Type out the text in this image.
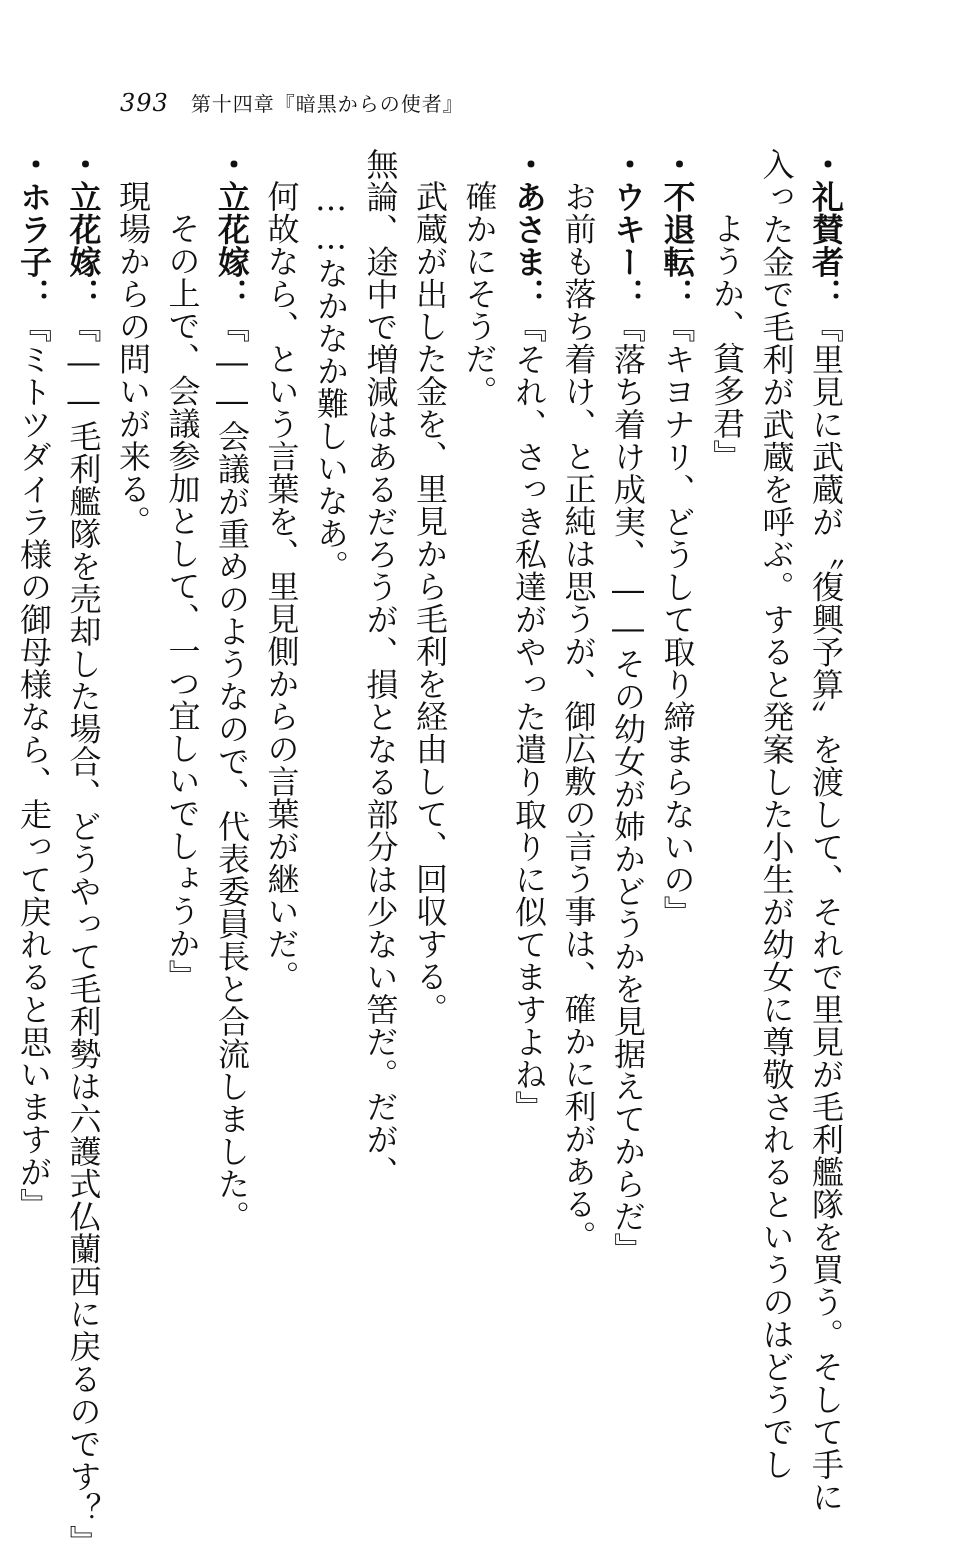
393 第十四章『暗黒からの使者』
・礼賛者：『里見に武蔵が〝復興予算〟を渡して、それで里見が毛利艦隊を買う。そして手に
入った金で毛利が武蔵を呼ぶ。すると発案した小生が幼女に尊敬されるというのはどうでし
ようか、貧多君』
・不退転：『キヨナリ、どうして取り締まらないの』
・ウキー：『落ち着け成実、――その幼女が姉かどうかを見据えてからだ』
お前も落ち着け、と正純は思うが、御広敷の言う事は、確かに利がある。
・あさま：『それ、さっき私達がやった遣り取りに似てますよね』
確かにそうだ。
武蔵が出した金を、里見から毛利を経由して、回収する。
無論、途中で増減はあるだろうが、損となる部分は少ない筈だ。だが、
……なかなか難しいなあ。
何故なら、という言葉を、里見側からの言葉が継いだ。
・立花嫁：『――会議が重めのようなので、代表委員長と合流しました。
その上で、会議参加として、一つ宜しいでしょうか』
現場からの問いが来る。
・立花嫁：『――毛利艦隊を売却した場合、どうやって毛利勢は六護式仏蘭西に戻るのです？』
・ホラ子：『ミトツダイラ様の御母様なら、走って戻れると思いますが』
